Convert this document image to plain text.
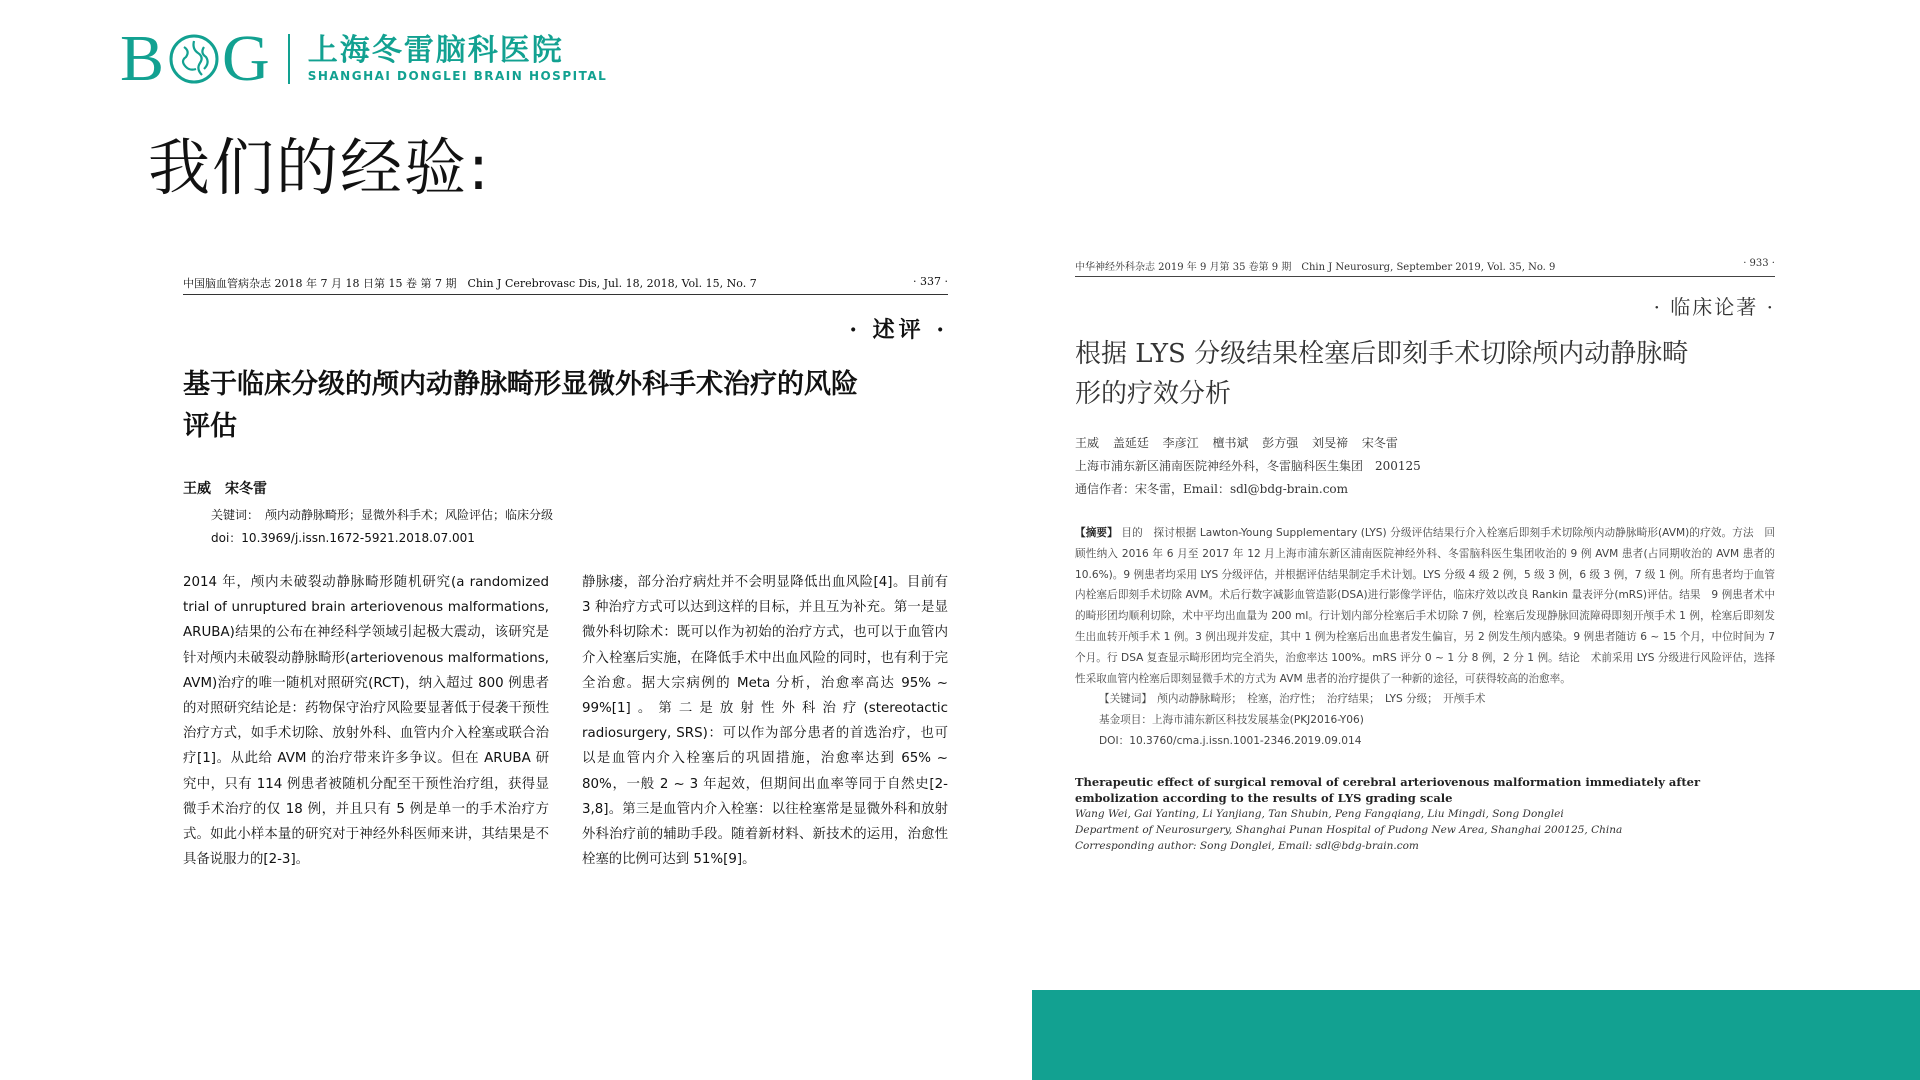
B G 上海冬雷脑科医院
SHANGHAI DONGLEI BRAIN HOSPITAL
我们的经验:
中国脑血管病杂志 2018 年 7 月 18 日第 15 卷 第 7 期　Chin J Cerebrovasc Dis, Jul. 18, 2018, Vol. 15, No. 7	· 337 ·
· 述评 ·
基于临床分级的颅内动静脉畸形显微外科手术治疗的风险评估
王威　宋冬雷
关键词：　颅内动静脉畸形；显微外科手术；风险评估；临床分级
doi：10.3969/j.issn.1672-5921.2018.07.001
2014 年，颅内未破裂动静脉畸形随机研究(a randomized trial of unruptured brain arteriovenous malformations, ARUBA)结果的公布在神经科学领域引起极大震动，该研究是针对颅内未破裂动静脉畸形(arteriovenous malformations, AVM)治疗的唯一随机对照研究(RCT)，纳入超过 800 例患者的对照研究结论是：药物保守治疗风险要显著低于侵袭干预性治疗方式，如手术切除、放射外科、血管内介入栓塞或联合治疗[1]。从此给 AVM 的治疗带来许多争议。但在 ARUBA 研究中，只有 114 例患者被随机分配至干预性治疗组，获得显微手术治疗的仅 18 例，并且只有 5 例是单一的手术治疗方式。如此小样本量的研究对于神经外科医师来讲，其结果是不具备说服力的[2-3]。
静脉瘘，部分治疗病灶并不会明显降低出血风险[4]。目前有 3 种治疗方式可以达到这样的目标，并且互为补充。第一是显微外科切除术：既可以作为初始的治疗方式，也可以于血管内介入栓塞后实施，在降低手术中出血风险的同时，也有利于完全治愈。据大宗病例的 Meta 分析，治愈率高达 95% ~ 99%[1]。第二是放射性外科治疗(stereotactic radiosurgery, SRS)：可以作为部分患者的首选治疗，也可以是血管内介入栓塞后的巩固措施，治愈率达到 65% ~ 80%，一般 2 ~ 3 年起效，但期间出血率等同于自然史[2-3,8]。第三是血管内介入栓塞：以往栓塞常是显微外科和放射外科治疗前的辅助手段。随着新材料、新技术的运用，治愈性栓塞的比例可达到 51%[9]。
中华神经外科杂志 2019 年 9 月第 35 卷第 9 期　Chin J Neurosurg, September 2019, Vol. 35, No. 9	· 933 ·
· 临床论著 ·
根据 LYS 分级结果栓塞后即刻手术切除颅内动静脉畸形的疗效分析
王威 盖延廷 李彦江 檀书斌 彭方强 刘旻禘 宋冬雷
上海市浦东新区浦南医院神经外科，冬雷脑科医生集团　200125
通信作者：宋冬雷，Email：sdl@bdg-brain.com
【摘要】 目的　探讨根据 Lawton-Young Supplementary (LYS) 分级评估结果行介入栓塞后即刻手术切除颅内动静脉畸形(AVM)的疗效。方法　回顾性纳入 2016 年 6 月至 2017 年 12 月上海市浦东新区浦南医院神经外科、冬雷脑科医生集团收治的 9 例 AVM 患者(占同期收治的 AVM 患者的 10.6%)。9 例患者均采用 LYS 分级评估，并根据评估结果制定手术计划。LYS 分级 4 级 2 例，5 级 3 例，6 级 3 例，7 级 1 例。所有患者均于血管内栓塞后即刻手术切除 AVM。术后行数字减影血管造影(DSA)进行影像学评估，临床疗效以改良 Rankin 量表评分(mRS)评估。结果　9 例患者术中的畸形团均顺利切除，术中平均出血量为 200 ml。行计划内部分栓塞后手术切除 7 例，栓塞后发现静脉回流障碍即刻开颅手术 1 例，栓塞后即刻发生出血转开颅手术 1 例。3 例出现并发症，其中 1 例为栓塞后出血患者发生偏盲，另 2 例发生颅内感染。9 例患者随访 6 ~ 15 个月，中位时间为 7 个月。行 DSA 复查显示畸形团均完全消失，治愈率达 100%。mRS 评分 0 ~ 1 分 8 例，2 分 1 例。结论　术前采用 LYS 分级进行风险评估，选择性采取血管内栓塞后即刻显微手术的方式为 AVM 患者的治疗提供了一种新的途径，可获得较高的治愈率。
【关键词】　颅内动静脉畸形；　栓塞，治疗性；　治疗结果；　LYS 分级；　开颅手术
基金项目：上海市浦东新区科技发展基金(PKJ2016-Y06)
DOI：10.3760/cma.j.issn.1001-2346.2019.09.014
Therapeutic effect of surgical removal of cerebral arteriovenous malformation immediately after embolization according to the results of LYS grading scale
Wang Wei, Gai Yanting, Li Yanjiang, Tan Shubin, Peng Fangqiang, Liu Mingdi, Song Donglei
Department of Neurosurgery, Shanghai Punan Hospital of Pudong New Area, Shanghai 200125, China
Corresponding author: Song Donglei, Email: sdl@bdg-brain.com
